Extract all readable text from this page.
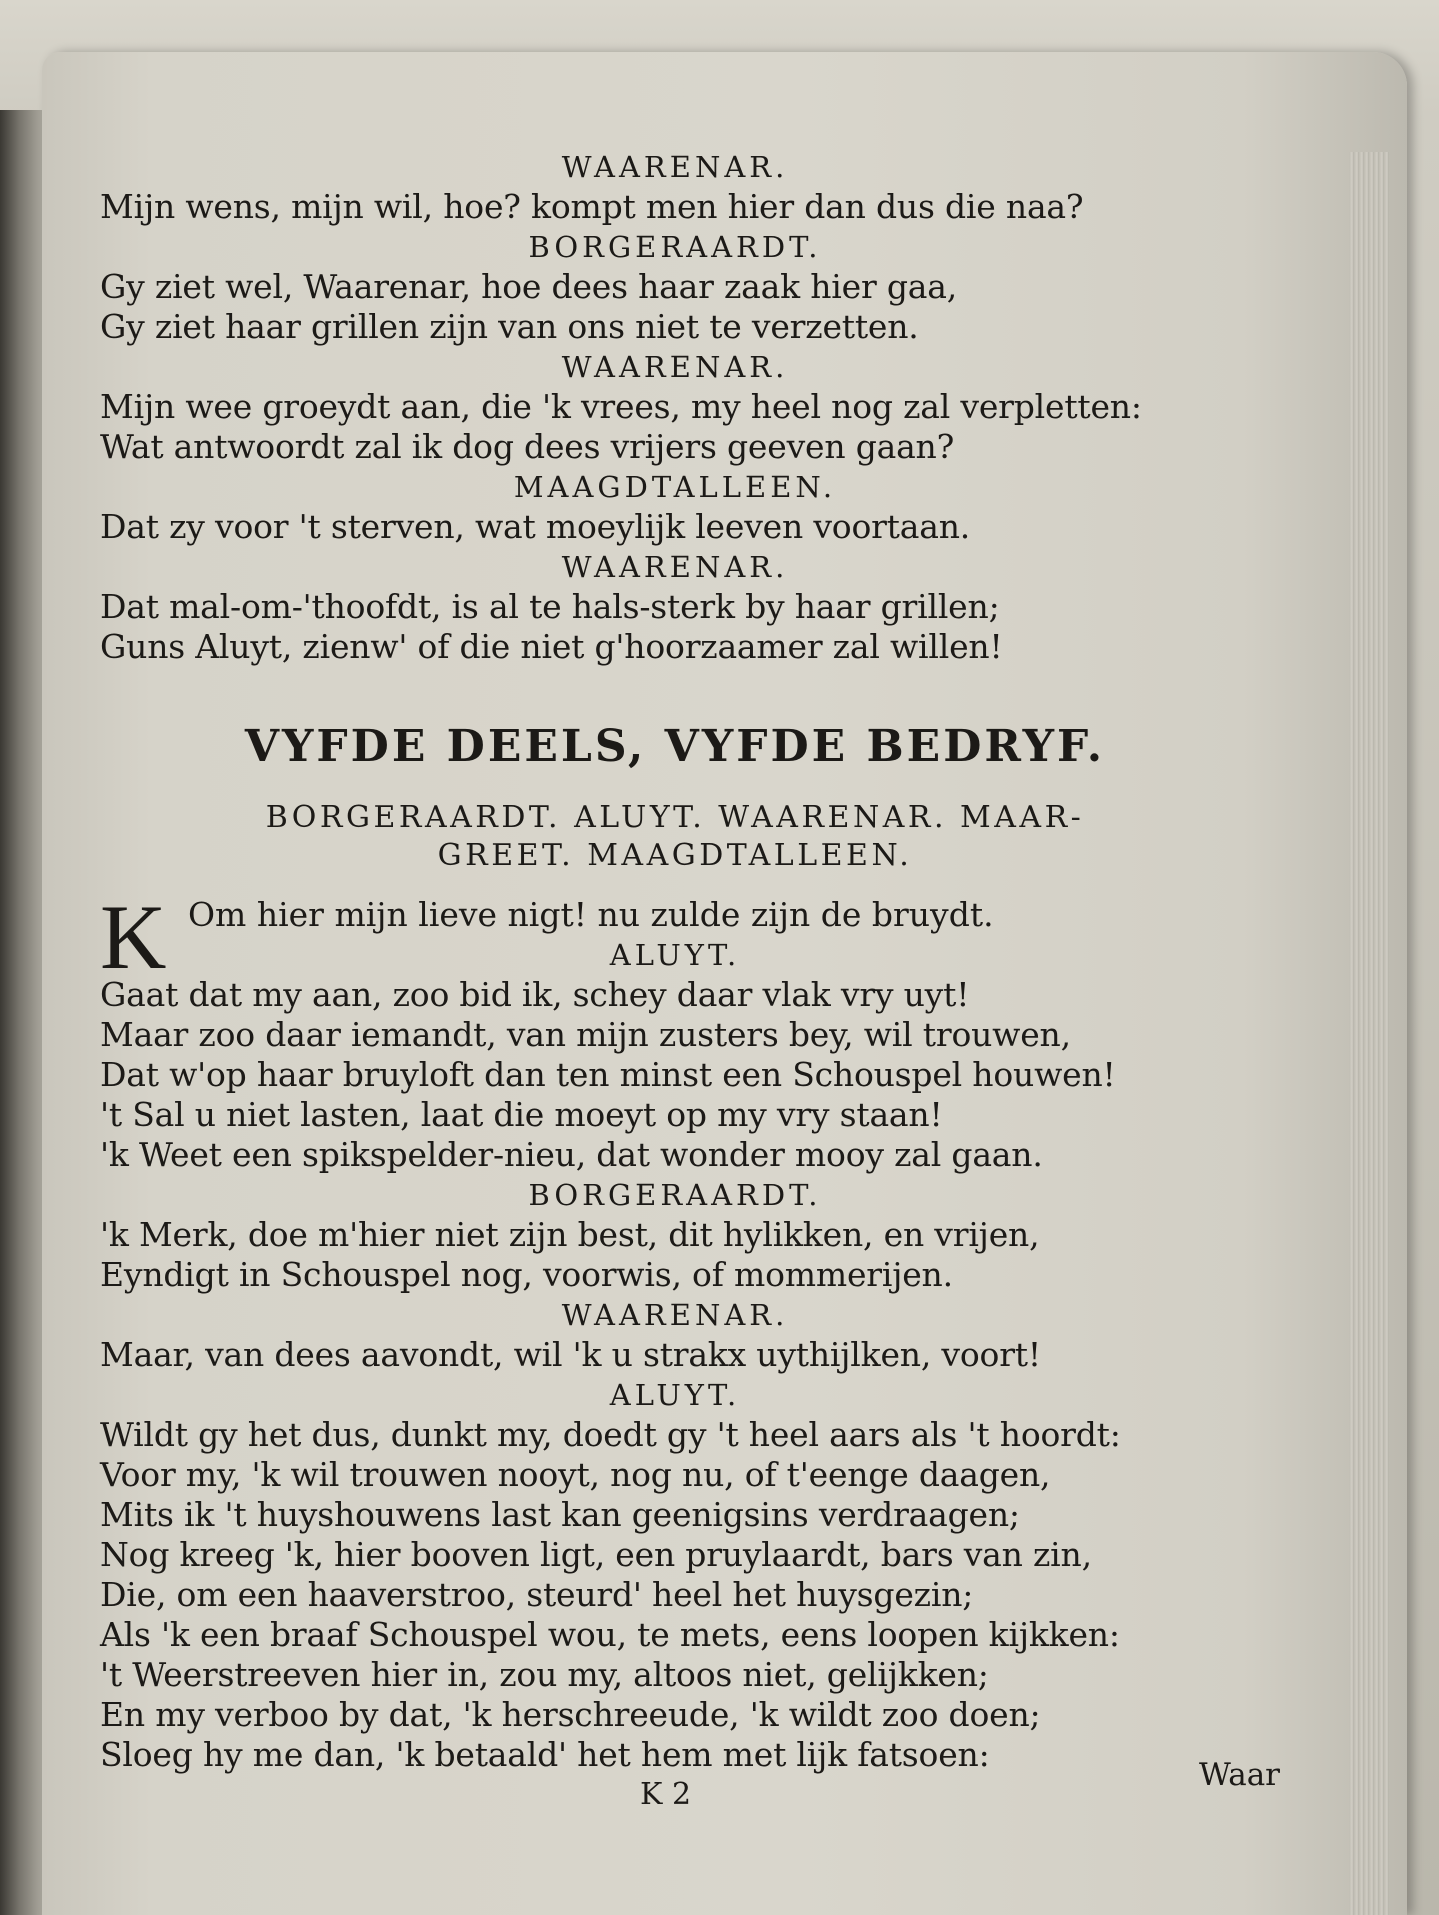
WAARENAR.
Mijn wens, mijn wil, hoe? kompt men hier dan dus die naa?
BORGERAARDT.
Gy ziet wel, Waarenar, hoe dees haar zaak hier gaa,
Gy ziet haar grillen zijn van ons niet te verzetten.
WAARENAR.
Mijn wee groeydt aan, die 'k vrees, my heel nog zal verpletten:
Wat antwoordt zal ik dog dees vrijers geeven gaan?
MAAGDTALLEEN.
Dat zy voor 't sterven, wat moeylijk leeven voortaan.
WAARENAR.
Dat mal-om-'thoofdt, is al te hals-sterk by haar grillen;
Guns Aluyt, zienw' of die niet g'hoorzaamer zal willen!
VYFDE DEELS, VYFDE BEDRYF.
BORGERAARDT. ALUYT. WAARENAR. MAAR-
GREET. MAAGDTALLEEN.
K Om hier mijn lieve nigt! nu zulde zijn de bruydt.
ALUYT.
Gaat dat my aan, zoo bid ik, schey daar vlak vry uyt!
Maar zoo daar iemandt, van mijn zusters bey, wil trouwen,
Dat w'op haar bruyloft dan ten minst een Schouspel houwen!
't Sal u niet lasten, laat die moeyt op my vry staan!
'k Weet een spikspelder-nieu, dat wonder mooy zal gaan.
BORGERAARDT.
'k Merk, doe m'hier niet zijn best, dit hylikken, en vrijen,
Eyndigt in Schouspel nog, voorwis, of mommerijen.
WAARENAR.
Maar, van dees aavondt, wil 'k u strakx uythijlken, voort!
ALUYT.
Wildt gy het dus, dunkt my, doedt gy 't heel aars als 't hoordt:
Voor my, 'k wil trouwen nooyt, nog nu, of t'eenge daagen,
Mits ik 't huyshouwens last kan geenigsins verdraagen;
Nog kreeg 'k, hier booven ligt, een pruylaardt, bars van zin,
Die, om een haaverstroo, steurd' heel het huysgezin;
Als 'k een braaf Schouspel wou, te mets, eens loopen kijkken:
't Weerstreeven hier in, zou my, altoos niet, gelijkken;
En my verboo by dat, 'k herschreeude, 'k wildt zoo doen;
Sloeg hy me dan, 'k betaald' het hem met lijk fatsoen:
K 2
Waar
